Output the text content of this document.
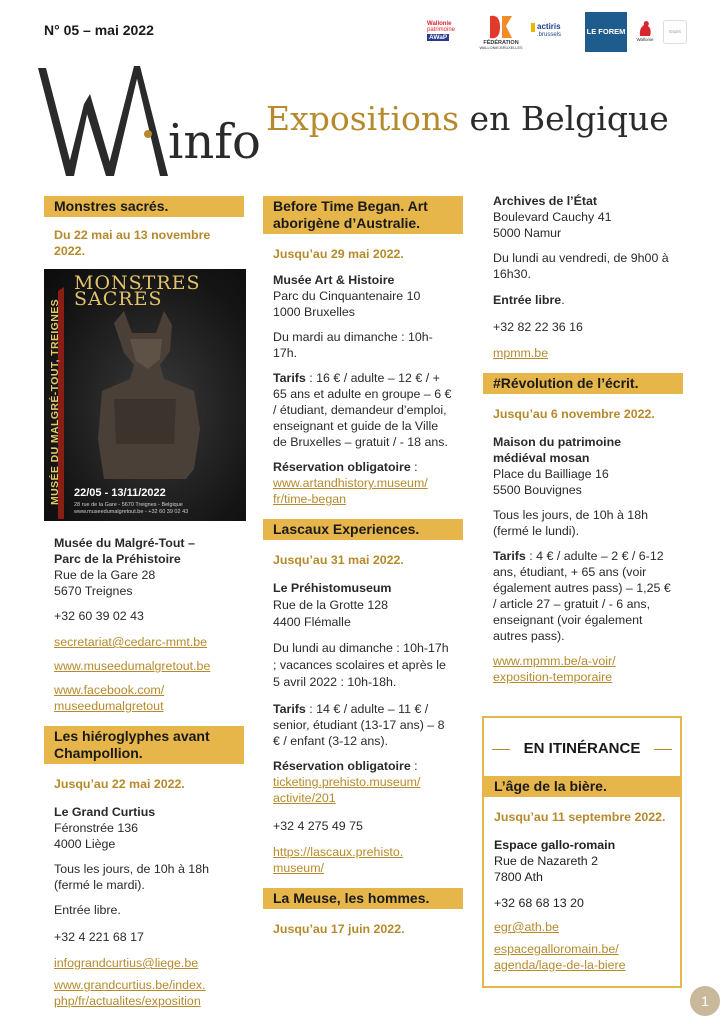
N° 05 – mai 2022	Wallonie
patrimoine
AWaP
FÉDÉRATION
WALLONIE-BRUXELLES
actiris
.brussels	LE FOREM
Wallonie
Esprit
info Expositions en Belgique
Monstres sacrés.
Du 22 mai au 13 novembre 2022.
MUSÉE DU MALGRÉ-TOUT, TREIGNES
MONSTRES SACRÉS
22/05 - 13/11/2022
28 rue de la Gare - 5670 Treignes - Belgique
www.museedumalgretout.be - +32 60 39 02 43
Musée du Malgré-Tout –
Parc de la Préhistoire
Rue de la Gare 28
5670 Treignes
+32 60 39 02 43
secretariat@cedarc-mmt.be
www.museedumalgretout.be
www.facebook.com/
museedumalgretout
Les hiéroglyphes avant Champollion.
Jusqu’au 22 mai 2022.
Le Grand Curtius
Féronstrée 136
4000 Liège
Tous les jours, de 10h à 18h (fermé le mardi).
Entrée libre.
+32 4 221 68 17
infograndcurtius@liege.be
www.grandcurtius.be/index.
php/fr/actualites/exposition
Before Time Began. Art aborigène d’Australie.
Jusqu’au 29 mai 2022.
Musée Art & Histoire
Parc du Cinquantenaire 10
1000 Bruxelles
Du mardi au dimanche : 10h-17h.
Tarifs : 16 € / adulte – 12 € / + 65 ans et adulte en groupe – 6 € / étudiant, demandeur d’emploi, enseignant et guide de la Ville de Bruxelles – gratuit / - 18 ans.
Réservation obligatoire :
www.artandhistory.museum/
fr/time-began
Lascaux Experiences.
Jusqu’au 31 mai 2022.
Le Préhistomuseum
Rue de la Grotte 128
4400 Flémalle
Du lundi au dimanche : 10h-17h ; vacances scolaires et après le 5 avril 2022 : 10h-18h.
Tarifs : 14 € / adulte – 11 € / senior, étudiant (13-17 ans) – 8 € / enfant (3-12 ans).
Réservation obligatoire :
ticketing.prehisto.museum/
activite/201
+32 4 275 49 75
https://lascaux.prehisto.
museum/
La Meuse, les hommes.
Jusqu’au 17 juin 2022.
Archives de l’État
Boulevard Cauchy 41
5000 Namur
Du lundi au vendredi, de 9h00 à 16h30.
Entrée libre.
+32 82 22 36 16
mpmm.be
#Révolution de l’écrit.
Jusqu’au 6 novembre 2022.
Maison du patrimoine médiéval mosan
Place du Bailliage 16
5500 Bouvignes
Tous les jours, de 10h à 18h (fermé le lundi).
Tarifs : 4 € / adulte – 2 € / 6-12 ans, étudiant, + 65 ans (voir également autres pass) – 1,25 € / article 27 – gratuit / - 6 ans, enseignant (voir également autres pass).
www.mpmm.be/a-voir/
exposition-temporaire
EN ITINÉRANCE
L’âge de la bière.
Jusqu’au 11 septembre 2022.
Espace gallo-romain
Rue de Nazareth 2
7800 Ath
+32 68 68 13 20
egr@ath.be
espacegalloromain.be/
agenda/lage-de-la-biere
1
